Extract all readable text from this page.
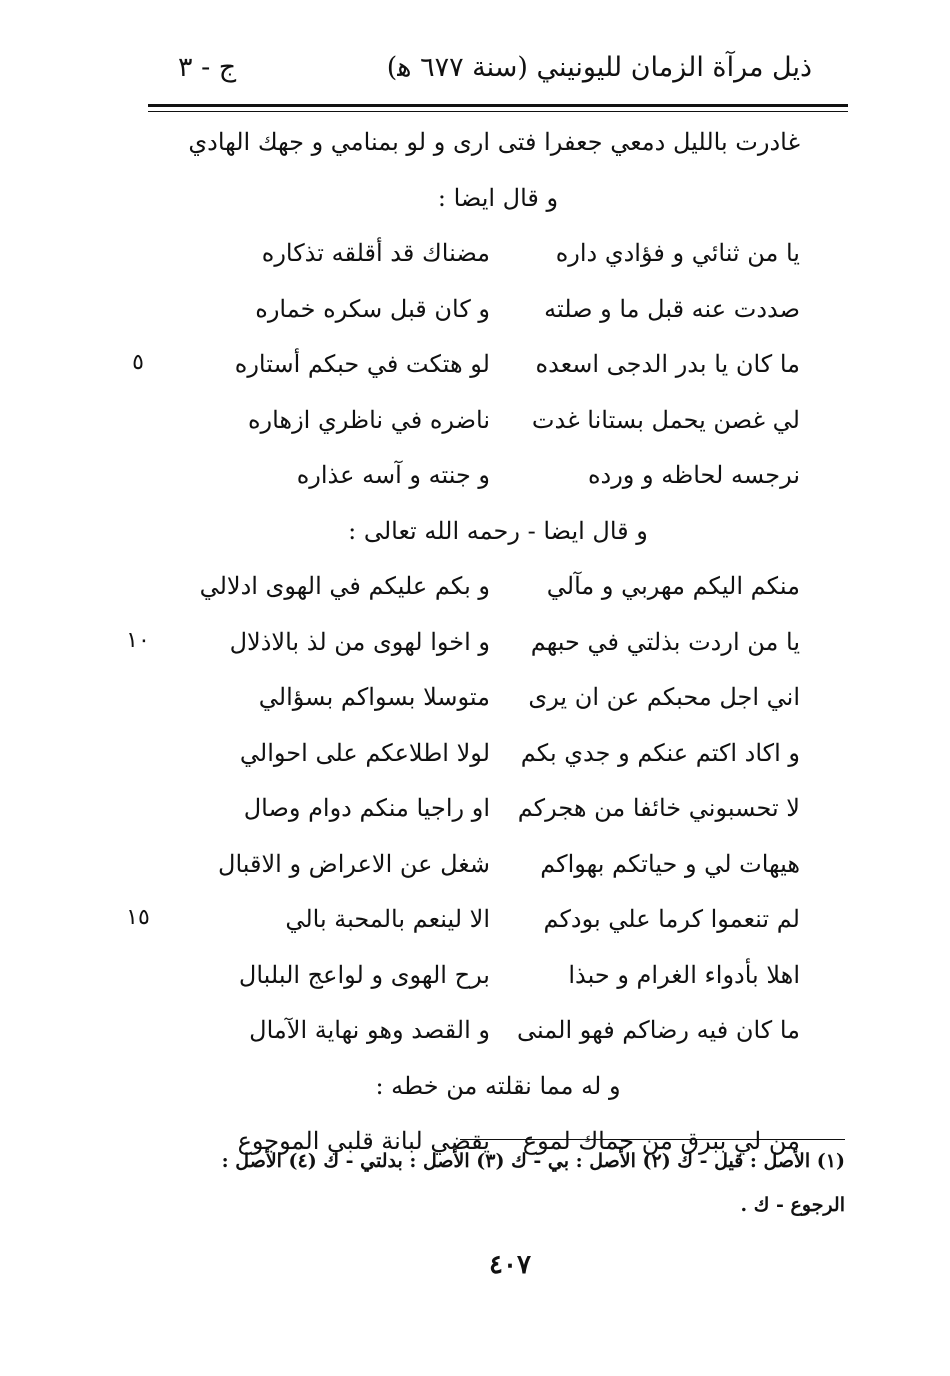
ذيل مرآة الزمان لليونيني (سنة ٦٧٧ ﻫ)
ج - ٣
غادرت بالليل دمعي جعفرا فتى
ارى و لو بمنامي و جهك الهادي
و قال ايضا :
يا من ثنائي و فؤادي داره
مضناك قد أقلقه تذكاره
صددت عنه قبل ما و صلته
و كان قبل سكره خماره
ما كان يا بدر الدجى اسعده
لو هتكت في حبكم أستاره
٥
لي غصن يحمل بستانا غدت
ناضره في ناظري ازهاره
نرجسه لحاظه و ورده
و جنته و آسه عذاره
و قال ايضا - رحمه الله تعالى :
منكم اليكم مهربي و مآلي
و بكم عليكم في الهوى ادلالي
يا من اردت بذلتي في حبهم
و اخوا لهوى من لذ بالاذلال
١٠
اني اجل محبكم عن ان يرى
متوسلا بسواكم بسؤالي
و اكاد اكتم عنكم و جدي بكم
لولا اطلاعكم على احوالي
لا تحسبوني خائفا من هجركم
او راجيا منكم دوام وصال
هيهات لي و حياتكم بهواكم
شغل عن الاعراض و الاقبال
لم تنعموا كرما علي بودكم
الا لينعم بالمحبة بالي
١٥
اهلا بأدواء الغرام و حبذا
برح الهوى و لواعج البلبال
ما كان فيه رضاكم فهو المنى
و القصد وهو نهاية الآمال
و له مما نقلته من خطه :
من لي ببرق من حماك لموع
يقضي لبانة قلبي الموجوع
(١) الأصل : قيل - ك (٢) الأصل : بي - ك (٣) الأصل : بدلتي - ك (٤) الأصل :
الرجوع - ك .
٤٠٧
